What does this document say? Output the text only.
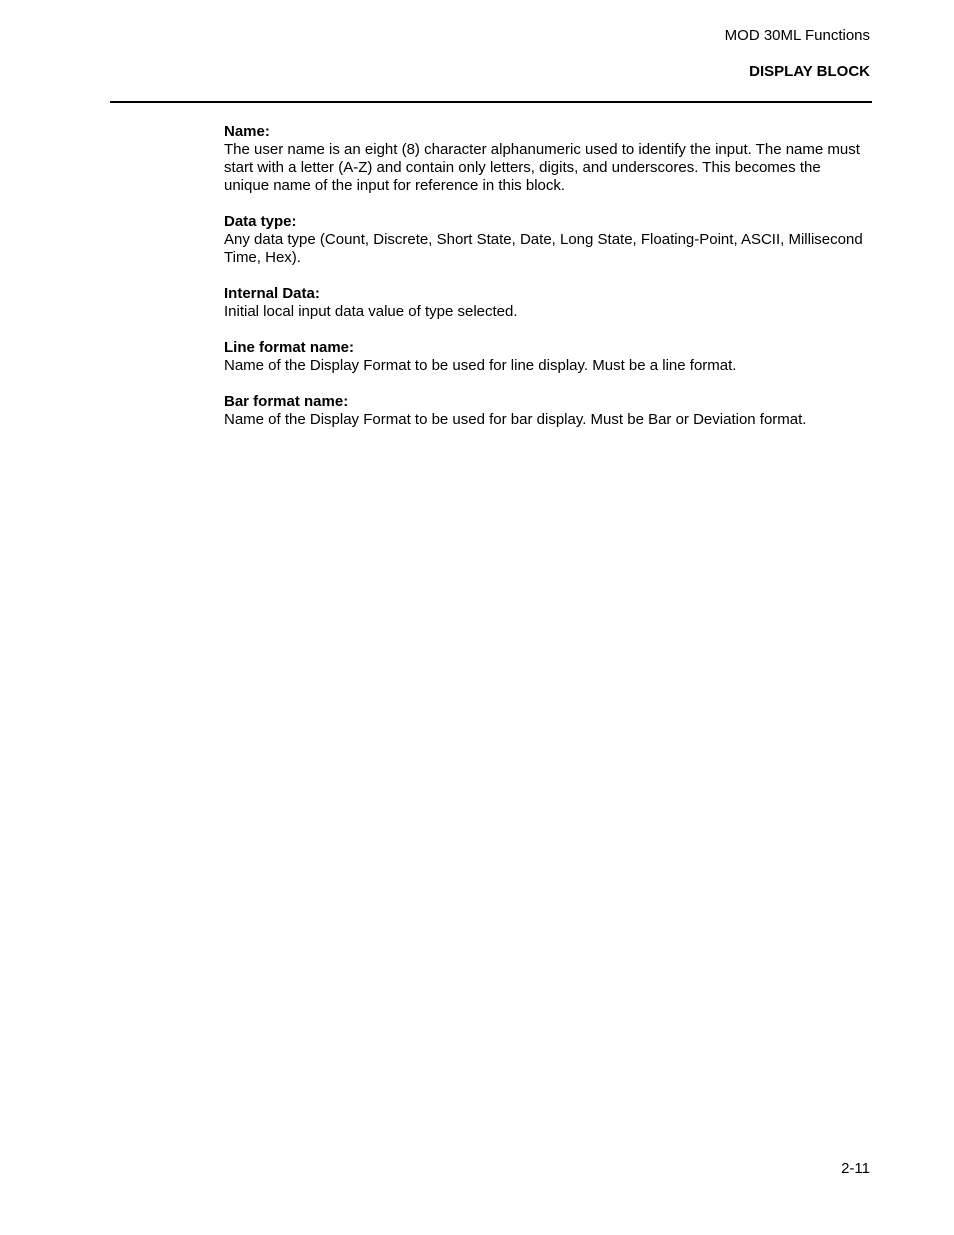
MOD 30ML Functions
DISPLAY BLOCK
Name:
The user name is an eight (8) character alphanumeric used to identify the input. The name must start with a letter (A-Z) and contain only letters, digits, and underscores. This becomes the unique name of the input for reference in this block.
Data type:
Any data type (Count, Discrete, Short State, Date, Long State, Floating-Point, ASCII, Millisecond Time, Hex).
Internal Data:
Initial local input data value of type selected.
Line format name:
Name of the Display Format to be used for line display. Must be a line format.
Bar format name:
Name of the Display Format to be used for bar display. Must be Bar or Deviation format.
2-11
